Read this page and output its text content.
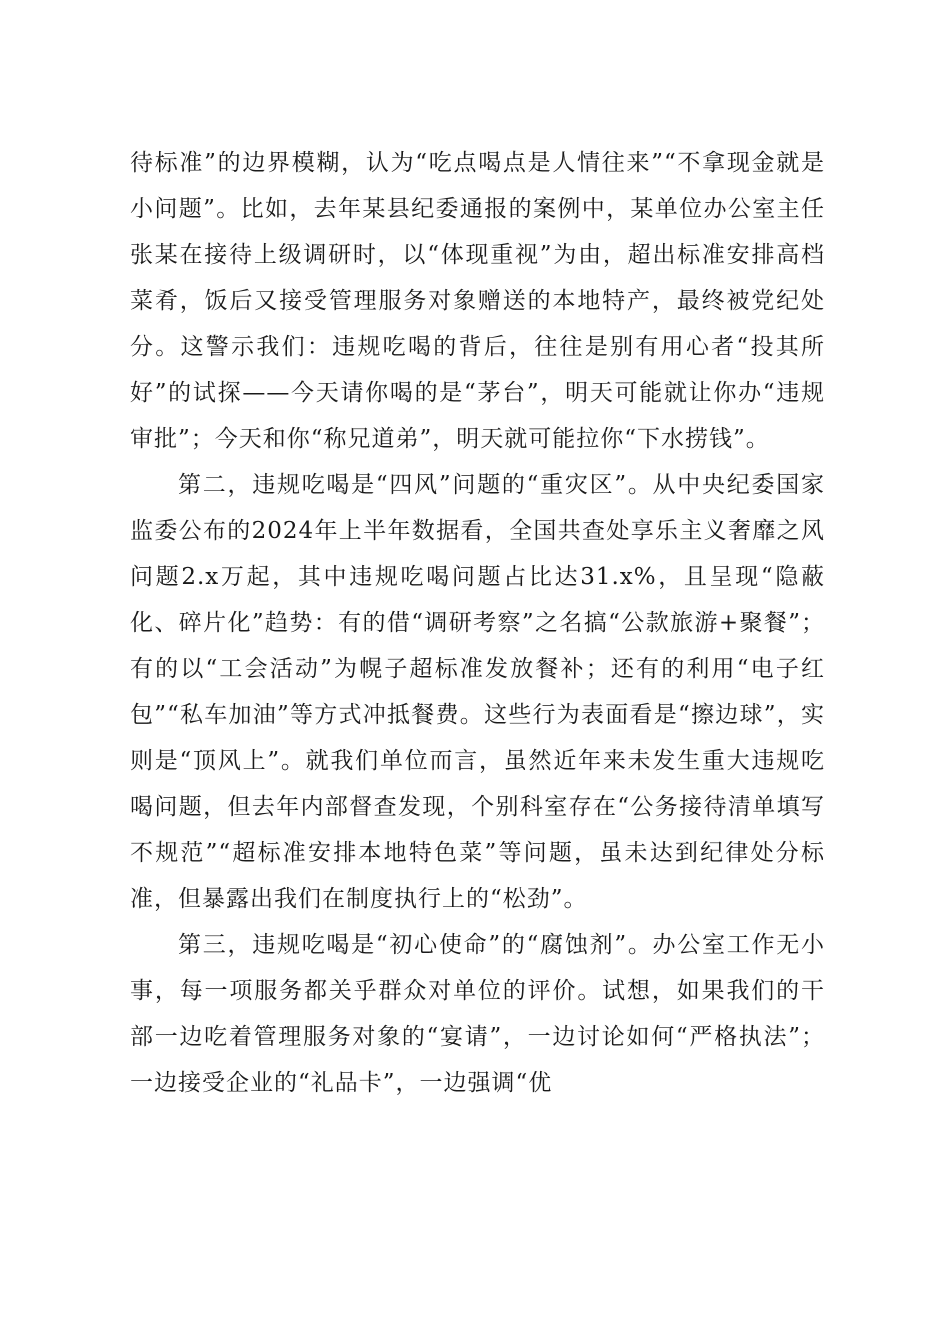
待标准”的边界模糊，认为“吃点喝点是人情往来”“不拿现金就是小问题”。比如，去年某县纪委通报的案例中，某单位办公室主任张某在接待上级调研时，以“体现重视”为由，超出标准安排高档菜肴，饭后又接受管理服务对象赠送的本地特产，最终被党纪处分。这警示我们：违规吃喝的背后，往往是别有用心者“投其所好”的试探——今天请你喝的是“茅台”，明天可能就让你办“违规审批”；今天和你“称兄道弟”，明天就可能拉你“下水捞钱”。

第二，违规吃喝是“四风”问题的“重灾区”。从中央纪委国家监委公布的2024年上半年数据看，全国共查处享乐主义奢靡之风问题2.x万起，其中违规吃喝问题占比达31.x%，且呈现“隐蔽化、碎片化”趋势：有的借“调研考察”之名搞“公款旅游+聚餐”；有的以“工会活动”为幌子超标准发放餐补；还有的利用“电子红包”“私车加油”等方式冲抵餐费。这些行为表面看是“擦边球”，实则是“顶风上”。就我们单位而言，虽然近年来未发生重大违规吃喝问题，但去年内部督查发现，个别科室存在“公务接待清单填写不规范”“超标准安排本地特色菜”等问题，虽未达到纪律处分标准，但暴露出我们在制度执行上的“松劲”。

第三，违规吃喝是“初心使命”的“腐蚀剂”。办公室工作无小事，每一项服务都关乎群众对单位的评价。试想，如果我们的干部一边吃着管理服务对象的“宴请”，一边讨论如何“严格执法”；一边接受企业的“礼品卡”，一边强调“优
